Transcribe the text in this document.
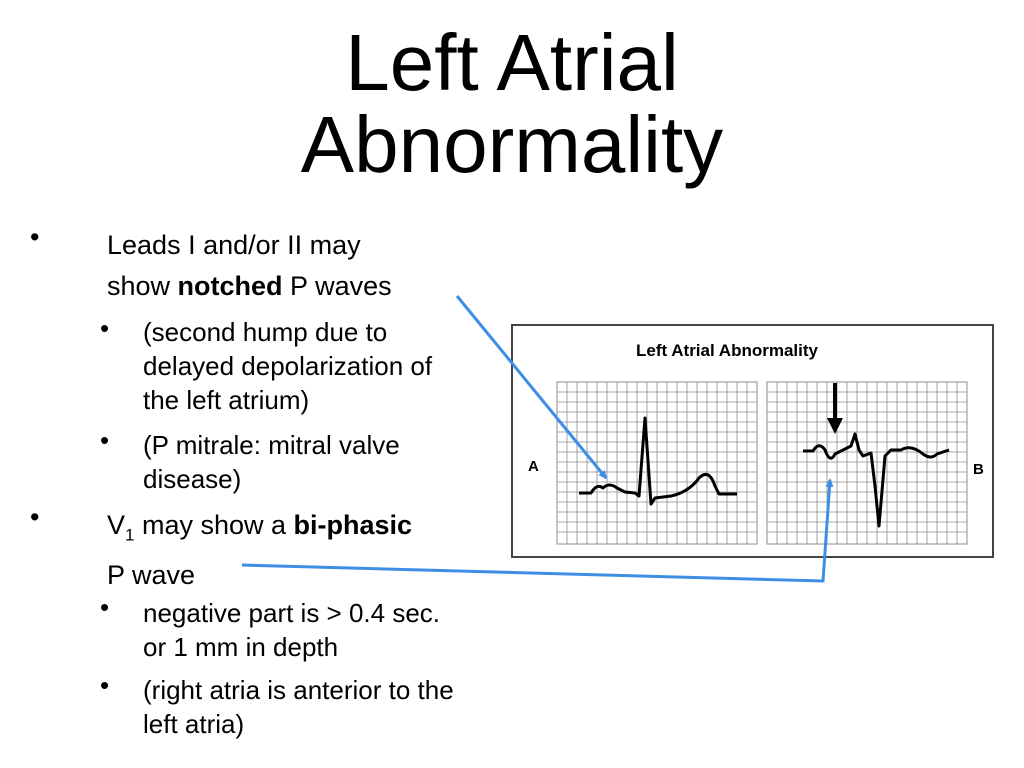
Left Atrial
Abnormality
•	Leads I and/or II may
show notched P waves
• (second hump due to
delayed depolarization of
the left atrium)
• (P mitrale: mitral valve
disease)
•	$V_1$ may show a bi-phasic
P wave
• negative part is > 0.4 sec.
or 1 mm in depth
• (right atria is anterior to the
left atria)
Left Atrial Abnormality
A	B
